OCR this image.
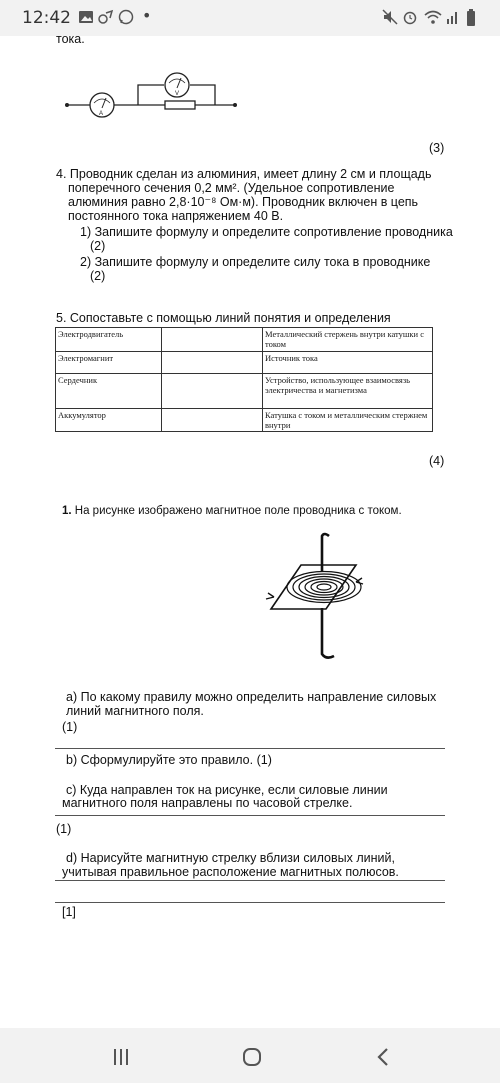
12:42	•
тока.
A
V
(3)
4. Проводник сделан из алюминия, имеет длину 2 см и площадь
поперечного сечения 0,2 мм². (Удельное сопротивление
алюминия равно 2,8·10⁻⁸ Ом·м). Проводник включен в цепь
постоянного тока напряжением 40 В.
1) Запишите формулу и определите сопротивление проводника
(2)
2) Запишите формулу и определите силу тока в проводнике
(2)
5. Сопоставьте с помощью линий понятия и определения
Электродвигатель		Металлический стержень внутри катушки с током
Электромагнит		Источник тока
Сердечник		Устройство, использующее взаимосвязь электричества и магнетизма
Аккумулятор		Катушка с током и металлическим стержнем внутри
(4)
1. На рисунке изображено магнитное поле проводника с током.
a) По какому правилу можно определить направление силовых
линий магнитного поля.
(1)
b) Сформулируйте это правило. (1)
c) Куда направлен ток на рисунке, если силовые линии
магнитного поля направлены по часовой стрелке.
(1)
d) Нарисуйте магнитную стрелку вблизи силовых линий,
учитывая правильное расположение магнитных полюсов.
[1]
